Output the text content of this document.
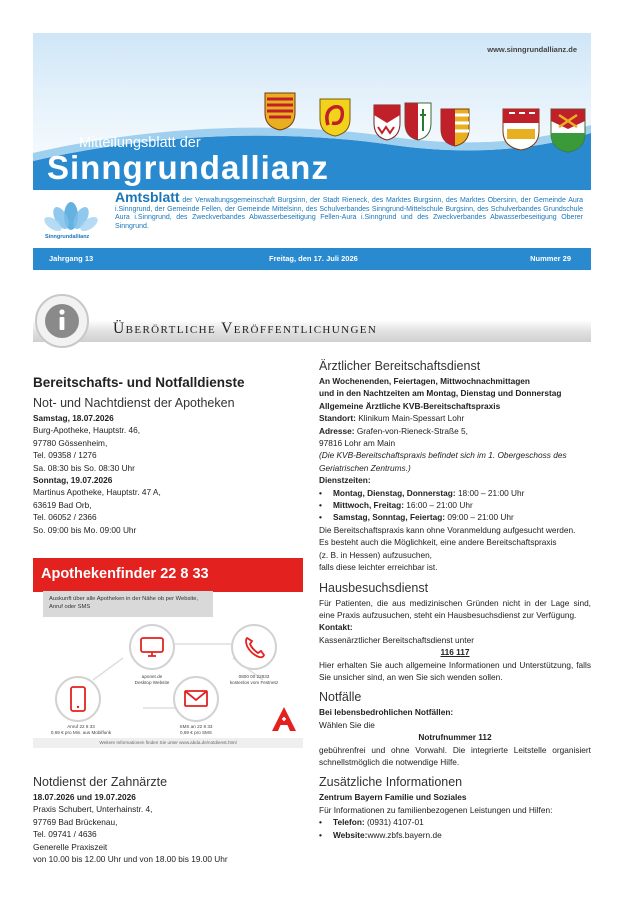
www.sinngrundallianz.de
Mitteilungsblatt der
Sinngrundallianz
Sinngrundallianz
Amtsblatt der Verwaltungsgemeinschaft Burgsinn, der Stadt Rieneck, des Marktes Burgsinn, des Marktes Obersinn, der Gemeinde Aura i.Sinngrund, der Gemeinde Fellen, der Gemeinde Mittelsinn, des Schulverbandes Sinngrund-Mittelschule Burgsinn, des Schulverbandes Grundschule Aura i.Sinngrund, des Zweckverbandes Abwasserbeseitigung Fellen-Aura i.Sinngrund und des Zweckverbandes Abwasserbeseitigung Oberer Sinngrund.
Jahrgang 13	Freitag, den 17. Juli 2026	Nummer 29
Überörtliche Veröffentlichungen
Bereitschafts- und Notfalldienste
Not- und Nachtdienst der Apotheken
Samstag, 18.07.2026
Burg-Apotheke, Hauptstr. 46,
97780 Gössenheim,
Tel. 09358 / 1276
Sa. 08:30 bis So. 08:30 Uhr
Sonntag, 19.07.2026
Martinus Apotheke, Hauptstr. 47 A,
63619 Bad Orb,
Tel. 06052 / 2366
So. 09:00 bis Mo. 09:00 Uhr
Apothekenfinder 22 8 33
Auskunft über alle Apotheken in der Nähe ob per Website, Anruf oder SMS
aponet.de
Desktop Website
0800 00 22833
kostenlos vom Festnetz
Anruf 22 8 33
0,69 € pro Min. aus Mobilfunk
SMS an 22 8 33
0,69 € pro SMS
Weitere Informationen finden Sie unter www.abda.de/notdienst.html
Notdienst der Zahnärzte
18.07.2026 und 19.07.2026
Praxis Schubert, Unterhainstr. 4,
97769 Bad Brückenau,
Tel. 09741 / 4636
Generelle Praxiszeit
von 10.00 bis 12.00 Uhr und von 18.00 bis 19.00 Uhr
Ärztlicher Bereitschaftsdienst
An Wochenenden, Feiertagen, Mittwochnachmittagen
und in den Nachtzeiten am Montag, Dienstag und Donnerstag
Allgemeine Ärztliche KVB-Bereitschaftspraxis
Standort: Klinikum Main-Spessart Lohr
Adresse: Grafen-von-Rieneck-Straße 5,
97816 Lohr am Main
(Die KVB-Bereitschaftspraxis befindet sich im 1. Obergeschoss des Geriatrischen Zentrums.)
Dienstzeiten:
•	Montag, Dienstag, Donnerstag: 18:00 – 21:00 Uhr
•	Mittwoch, Freitag: 16:00 – 21:00 Uhr
•	Samstag, Sonntag, Feiertag: 09:00 – 21:00 Uhr
Die Bereitschaftspraxis kann ohne Voranmeldung aufgesucht werden.
Es besteht auch die Möglichkeit, eine andere Bereitschaftspraxis
(z. B. in Hessen) aufzusuchen,
falls diese leichter erreichbar ist.
Hausbesuchsdienst
Für Patienten, die aus medizinischen Gründen nicht in der Lage sind, eine Praxis aufzusuchen, steht ein Hausbesuchsdienst zur Verfügung.
Kontakt:
Kassenärztlicher Bereitschaftsdienst unter
116 117
Hier erhalten Sie auch allgemeine Informationen und Unterstützung, falls Sie unsicher sind, an wen Sie sich wenden sollen.
Notfälle
Bei lebensbedrohlichen Notfällen:
Wählen Sie die
Notrufnummer 112
gebührenfrei und ohne Vorwahl. Die integrierte Leitstelle organisiert schnellstmöglich die notwendige Hilfe.
Zusätzliche Informationen
Zentrum Bayern Familie und Soziales
Für Informationen zu familienbezogenen Leistungen und Hilfen:
•	Telefon: (0931) 4107-01
•	Website:www.zbfs.bayern.de
